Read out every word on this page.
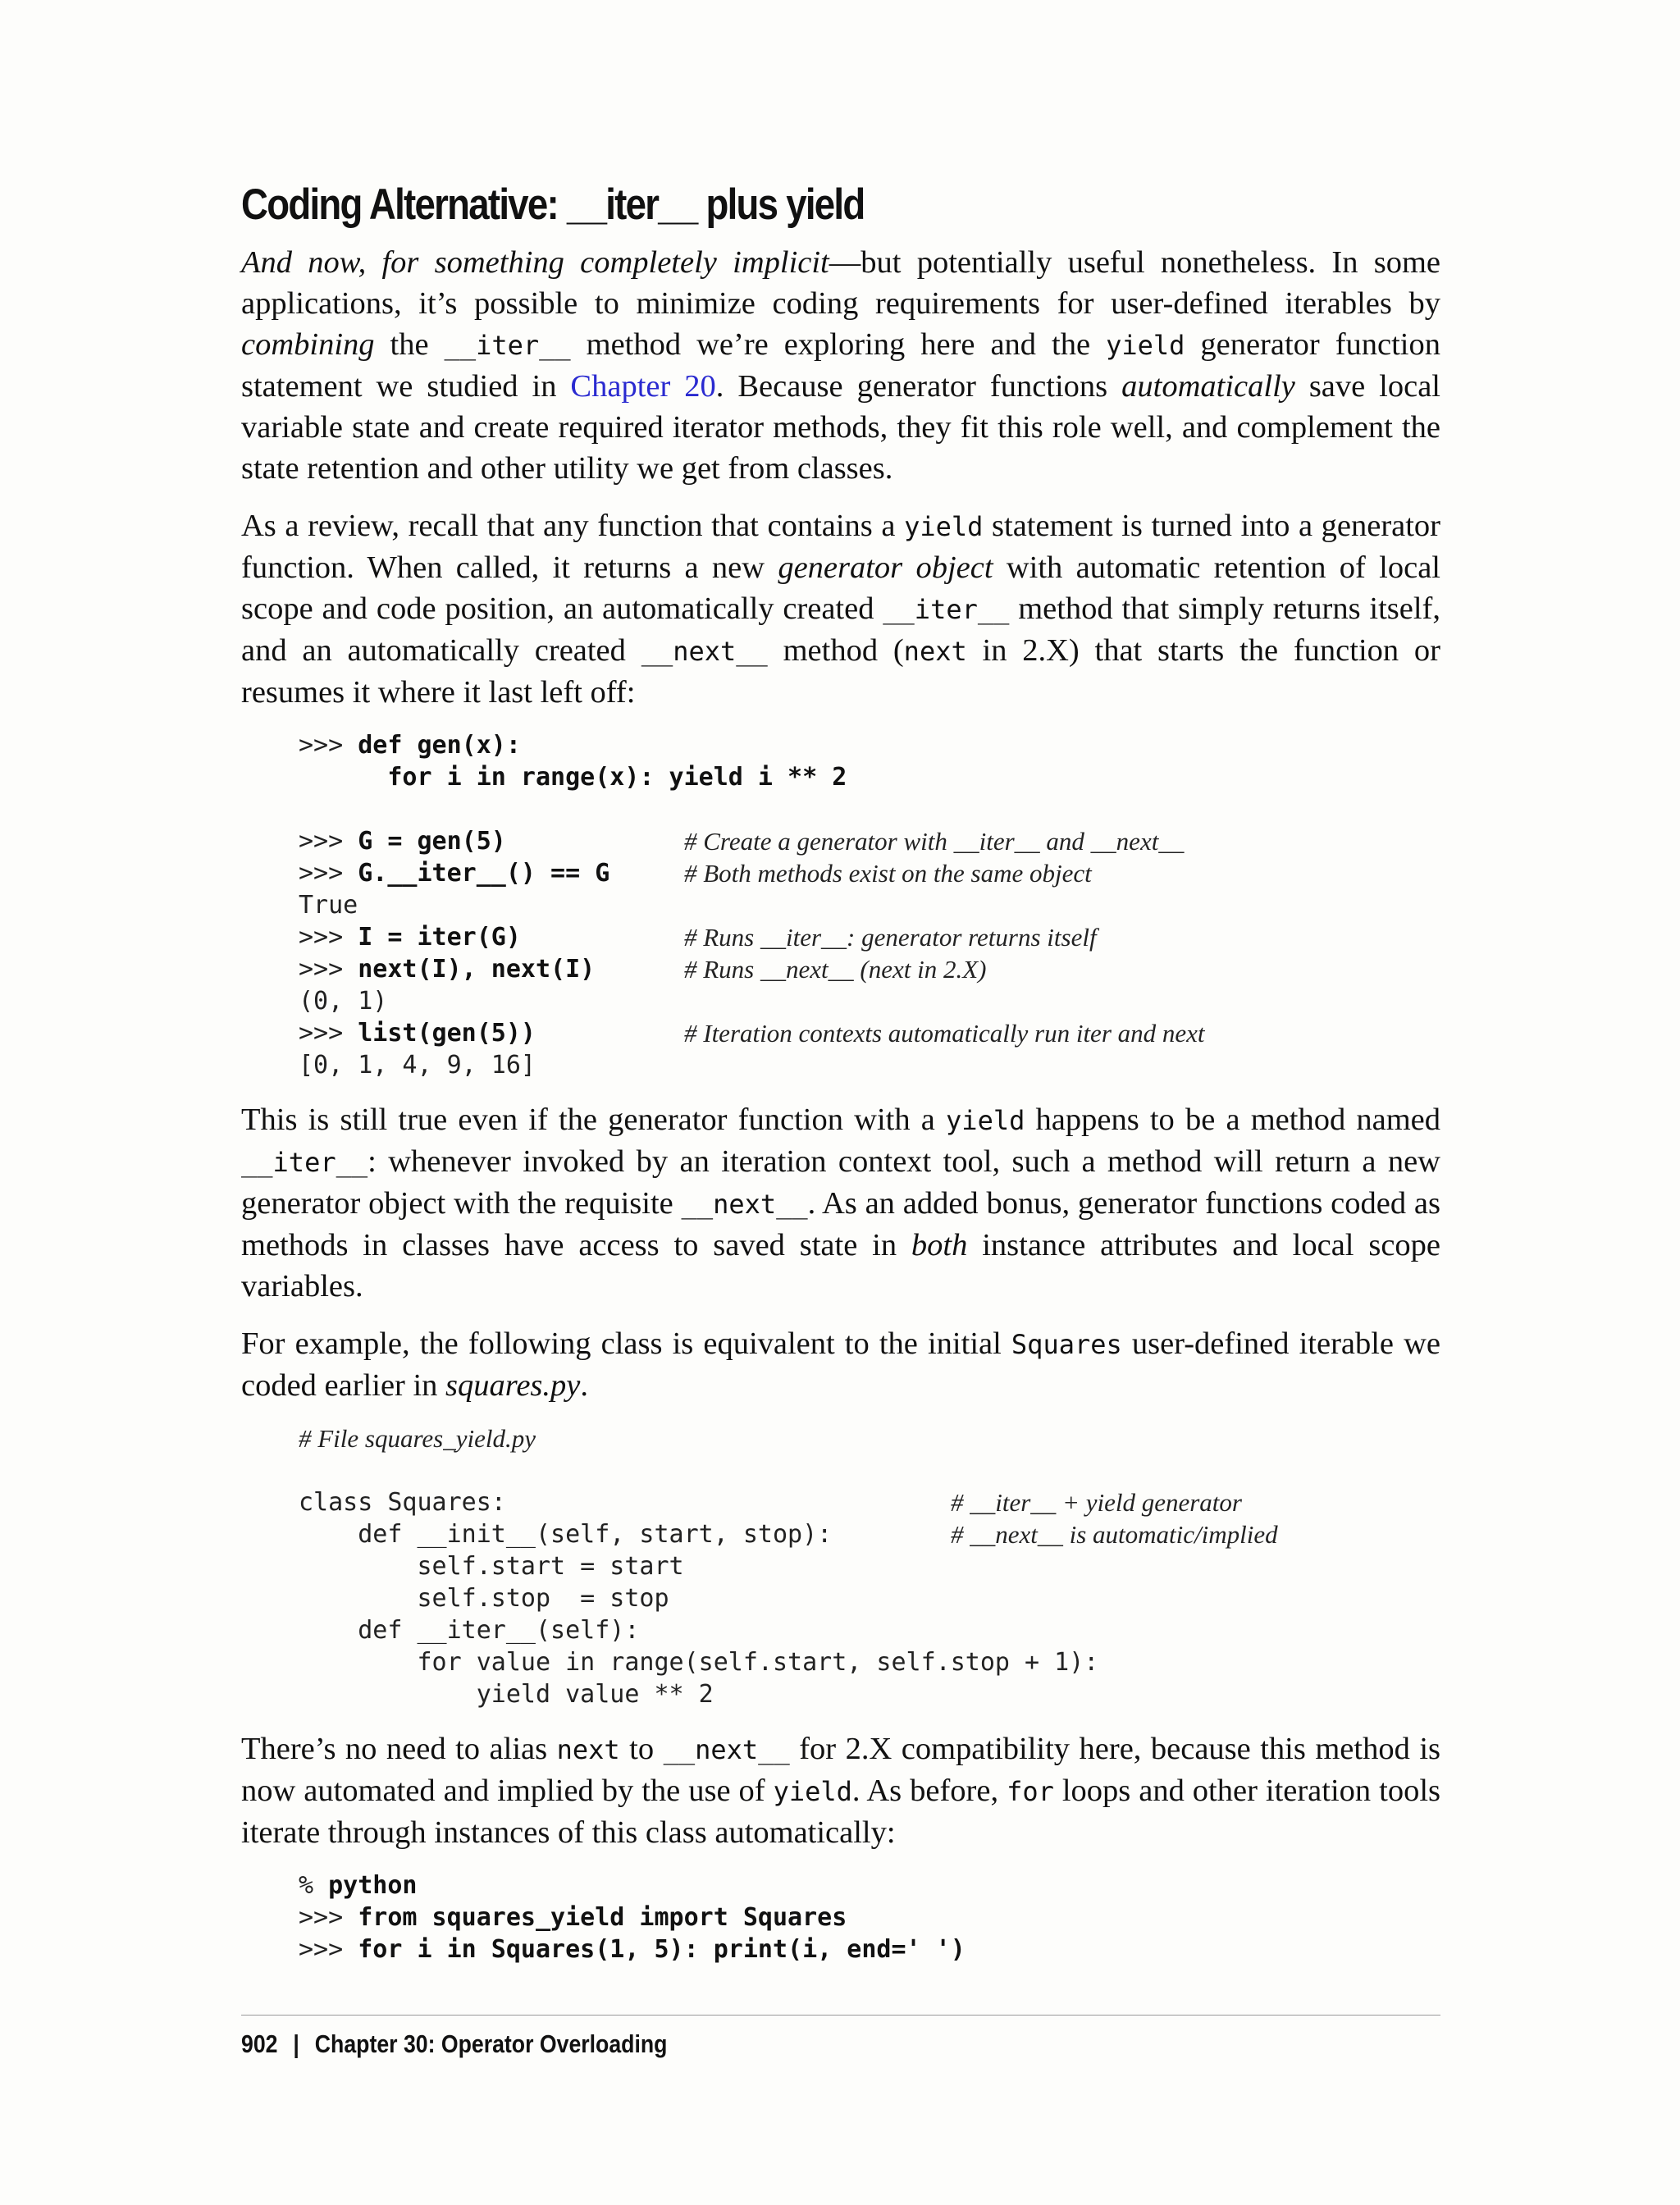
Coding Alternative: __iter__ plus yield

And now, for something completely implicit—but potentially useful nonetheless. In some applications, it’s possible to minimize coding requirements for user-defined iterables by combining the __iter__ method we’re exploring here and the yield generator function statement we studied in Chapter 20. Because generator functions automatically save local variable state and create required iterator methods, they fit this role well, and complement the state retention and other utility we get from classes.

As a review, recall that any function that contains a yield statement is turned into a generator function. When called, it returns a new generator object with automatic retention of local scope and code position, an automatically created __iter__ method that simply returns itself, and an automatically created __next__ method (next in 2.X) that starts the function or resumes it where it last left off:

>>> def gen(x):
for i in range(x): yield i ** 2

>>> G = gen(5)	# Create a generator with __iter__ and __next__
>>> G.__iter__() == G	# Both methods exist on the same object
True
>>> I = iter(G)	# Runs __iter__: generator returns itself
>>> next(I), next(I)	# Runs __next__ (next in 2.X)
(0, 1)
>>> list(gen(5))	# Iteration contexts automatically run iter and next
[0, 1, 4, 9, 16]

This is still true even if the generator function with a yield happens to be a method named __iter__: whenever invoked by an iteration context tool, such a method will return a new generator object with the requisite __next__. As an added bonus, generator functions coded as methods in classes have access to saved state in both instance attributes and local scope variables.

For example, the following class is equivalent to the initial Squares user-defined iterable we coded earlier in squares.py.

# File squares_yield.py

class Squares:	# __iter__ + yield generator
def __init__(self, start, stop):	# __next__ is automatic/implied
self.start = start
self.stop  = stop
def __iter__(self):
for value in range(self.start, self.stop + 1):
yield value ** 2

There’s no need to alias next to __next__ for 2.X compatibility here, because this method is now automated and implied by the use of yield. As before, for loops and other iteration tools iterate through instances of this class automatically:

% python
>>> from squares_yield import Squares
>>> for i in Squares(1, 5): print(i, end=' ')
902 | Chapter 30: Operator Overloading
